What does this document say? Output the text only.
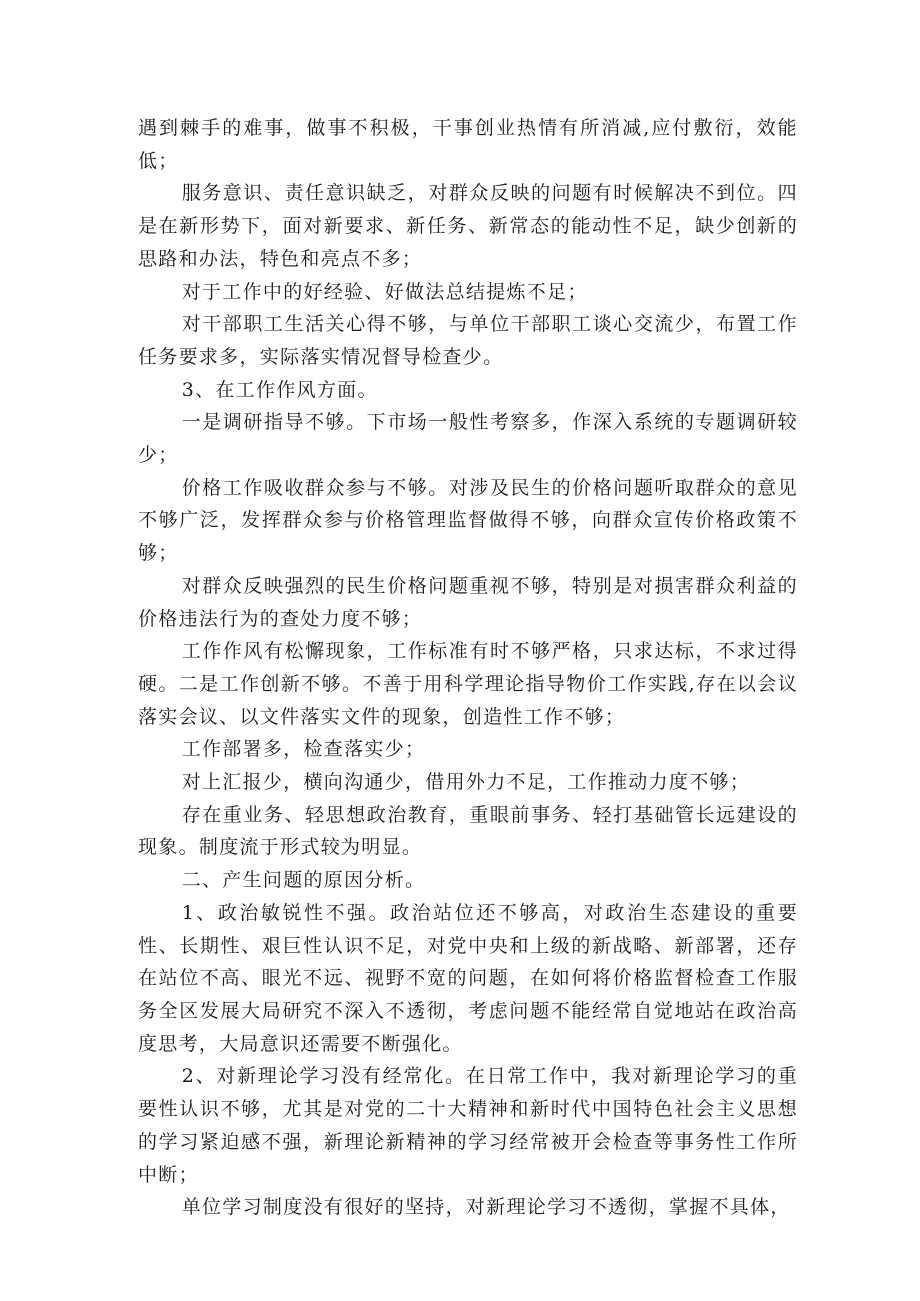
遇到棘手的难事，做事不积极，干事创业热情有所消减,应付敷衍，效能低；

服务意识、责任意识缺乏，对群众反映的问题有时候解决不到位。四是在新形势下，面对新要求、新任务、新常态的能动性不足，缺少创新的思路和办法，特色和亮点不多；

对于工作中的好经验、好做法总结提炼不足；

对干部职工生活关心得不够，与单位干部职工谈心交流少，布置工作任务要求多，实际落实情况督导检查少。

3、在工作作风方面。

一是调研指导不够。下市场一般性考察多，作深入系统的专题调研较少；

价格工作吸收群众参与不够。对涉及民生的价格问题听取群众的意见不够广泛，发挥群众参与价格管理监督做得不够，向群众宣传价格政策不够；

对群众反映强烈的民生价格问题重视不够，特别是对损害群众利益的价格违法行为的查处力度不够；

工作作风有松懈现象，工作标准有时不够严格，只求达标，不求过得硬。二是工作创新不够。不善于用科学理论指导物价工作实践,存在以会议落实会议、以文件落实文件的现象，创造性工作不够；

工作部署多，检查落实少；

对上汇报少，横向沟通少，借用外力不足，工作推动力度不够；

存在重业务、轻思想政治教育，重眼前事务、轻打基础管长远建设的现象。制度流于形式较为明显。

二、产生问题的原因分析。

1、政治敏锐性不强。政治站位还不够高，对政治生态建设的重要性、长期性、艰巨性认识不足，对党中央和上级的新战略、新部署，还存在站位不高、眼光不远、视野不宽的问题，在如何将价格监督检查工作服务全区发展大局研究不深入不透彻，考虑问题不能经常自觉地站在政治高度思考，大局意识还需要不断强化。

2、对新理论学习没有经常化。在日常工作中，我对新理论学习的重要性认识不够，尤其是对党的二十大精神和新时代中国特色社会主义思想的学习紧迫感不强，新理论新精神的学习经常被开会检查等事务性工作所中断；

单位学习制度没有很好的坚持，对新理论学习不透彻，掌握不具体，
